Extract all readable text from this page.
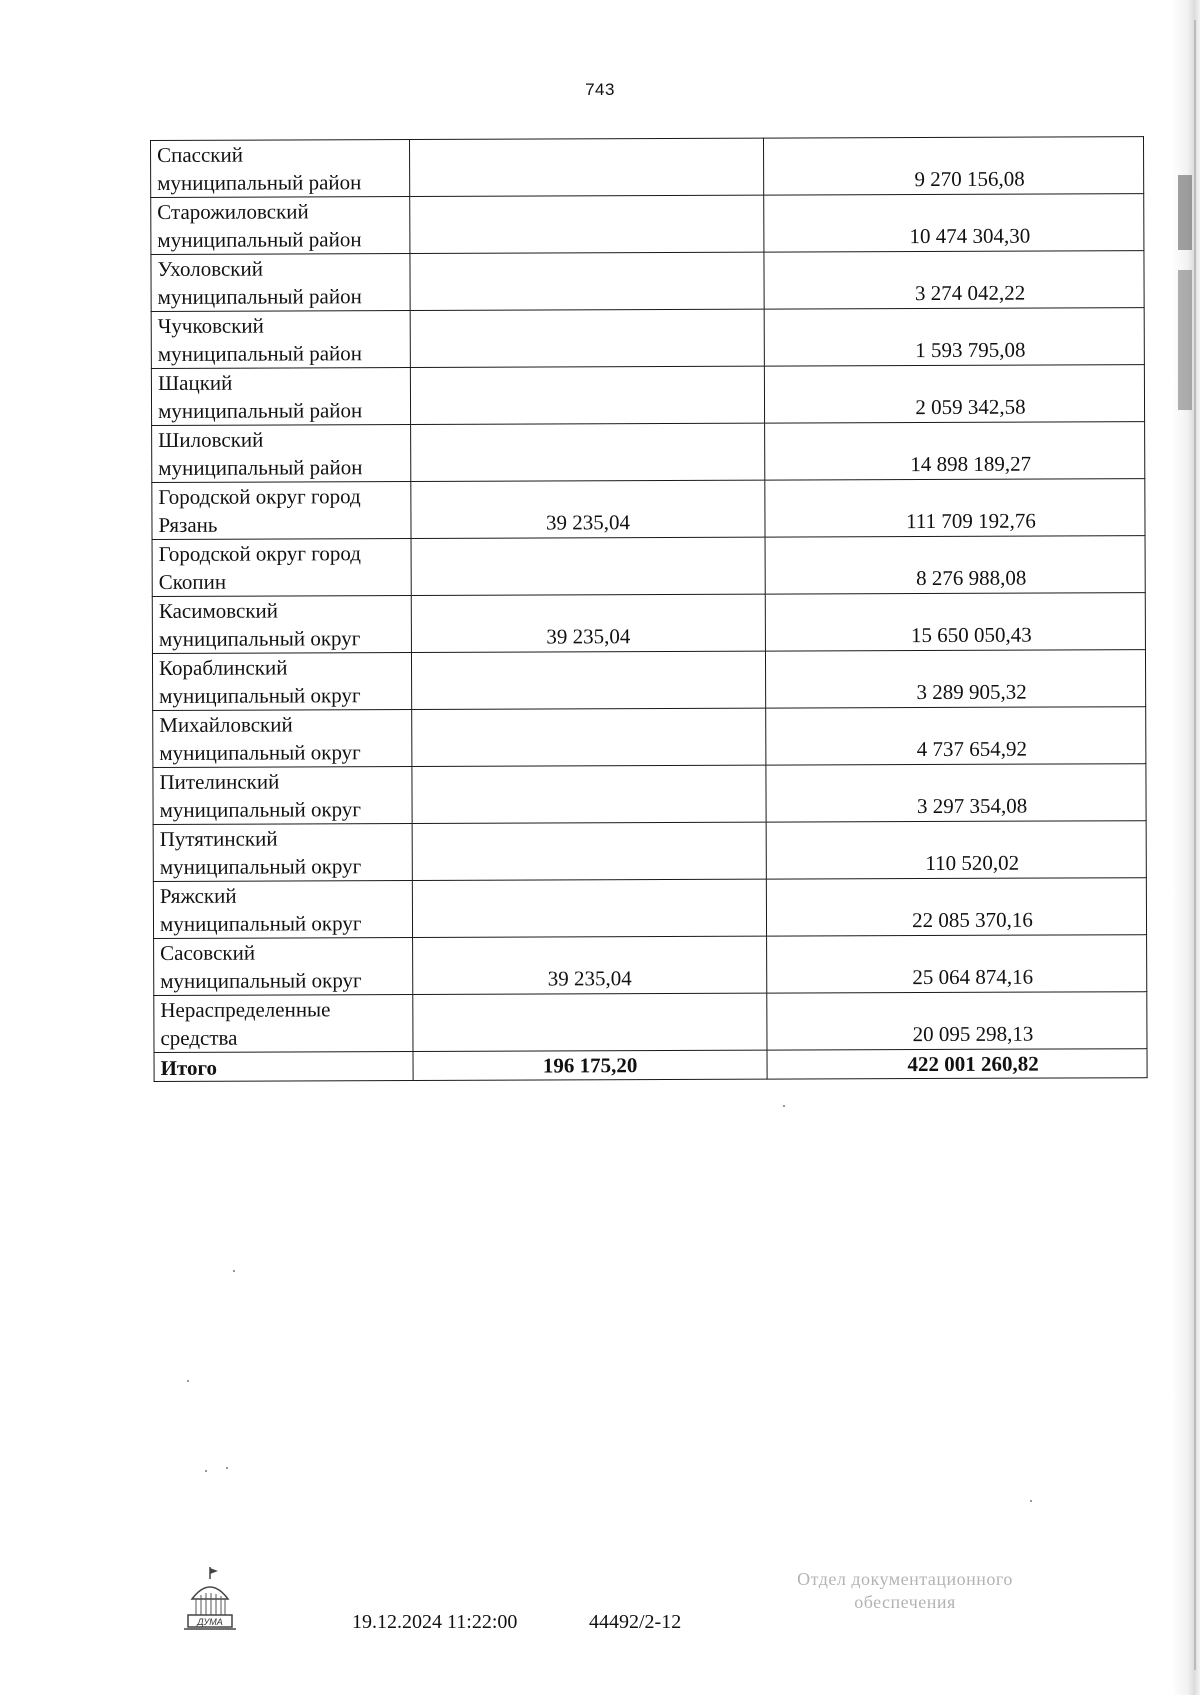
743
Спасский
муниципальный район		9 270 156,08

Старожиловский
муниципальный район		10 474 304,30

Ухоловский
муниципальный район		3 274 042,22

Чучковский
муниципальный район		1 593 795,08

Шацкий
муниципальный район		2 059 342,58

Шиловский
муниципальный район		14 898 189,27

Городской округ город
Рязань	39 235,04	111 709 192,76

Городской округ город
Скопин		8 276 988,08

Касимовский
муниципальный округ	39 235,04	15 650 050,43

Кораблинский
муниципальный округ		3 289 905,32

Михайловский
муниципальный округ		4 737 654,92

Пителинский
муниципальный округ		3 297 354,08

Путятинский
муниципальный округ		110 520,02

Ряжский
муниципальный округ		22 085 370,16

Сасовский
муниципальный округ	39 235,04	25 064 874,16

Нераспределенные
средства		20 095 298,13
Итого	196 175,20	422 001 260,82
ДУМА	19.12.2024 11:22:00	44492/2-12
Отдел документационного
обеспечения
